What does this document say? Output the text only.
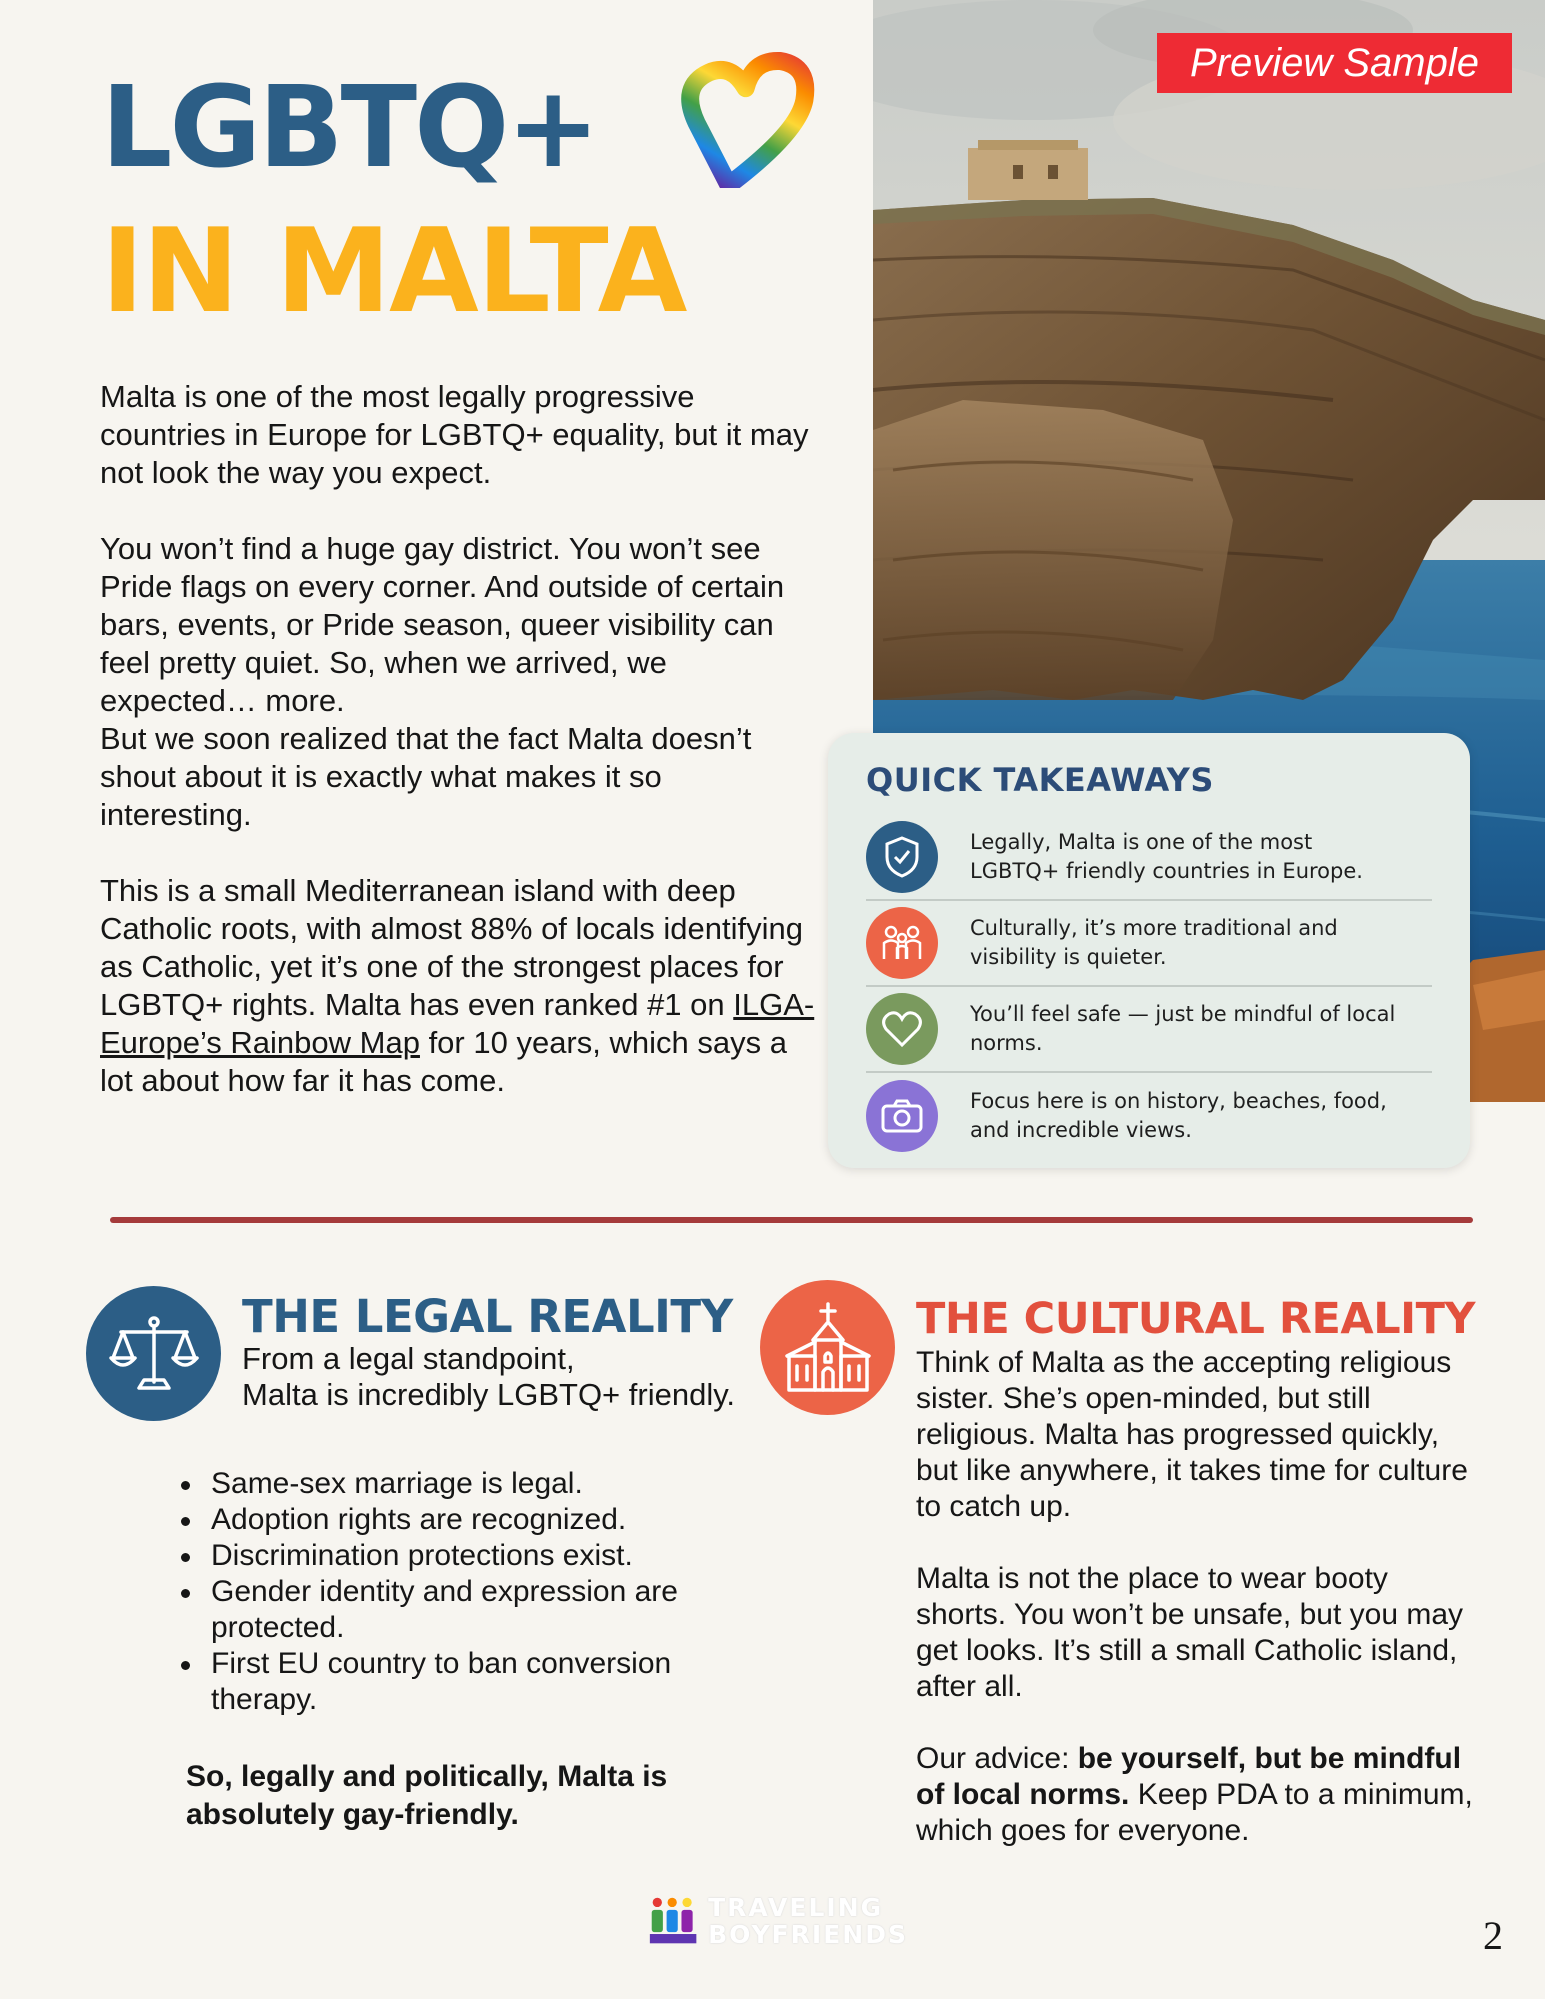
Preview Sample
LGBTQ+
IN MALTA

Malta is one of the most legally progressive countries in Europe for LGBTQ+ equality, but it may not look the way you expect.

You won’t find a huge gay district. You won’t see Pride flags on every corner. And outside of certain bars, events, or Pride season, queer visibility can feel pretty quiet. So, when we arrived, we expected… more.

But we soon realized that the fact Malta doesn’t shout about it is exactly what makes it so interesting.

This is a small Mediterranean island with deep Catholic roots, with almost 88% of locals identifying as Catholic, yet it’s one of the strongest places for LGBTQ+ rights. Malta has even ranked #1 on ILGA-Europe’s Rainbow Map for 10 years, which says a lot about how far it has come.

QUICK TAKEAWAYS
Legally, Malta is one of the most LGBTQ+ friendly countries in Europe.
Culturally, it’s more traditional and visibility is quieter.
You’ll feel safe — just be mindful of local norms.
Focus here is on history, beaches, food, and incredible views.
THE LEGAL REALITY
From a legal standpoint,
Malta is incredibly LGBTQ+ friendly.
Same-sex marriage is legal.
Adoption rights are recognized.
Discrimination protections exist.
Gender identity and expression are protected.
First EU country to ban conversion therapy.
So, legally and politically, Malta is absolutely gay-friendly.
THE CULTURAL REALITY

Think of Malta as the accepting religious sister. She’s open-minded, but still religious. Malta has progressed quickly, but like anywhere, it takes time for culture to catch up.

Malta is not the place to wear booty shorts. You won’t be unsafe, but you may get looks. It’s still a small Catholic island, after all.

Our advice: be yourself, but be mindful of local norms. Keep PDA to a minimum, which goes for everyone.

TRAVELING
BOYFRIENDS	2
